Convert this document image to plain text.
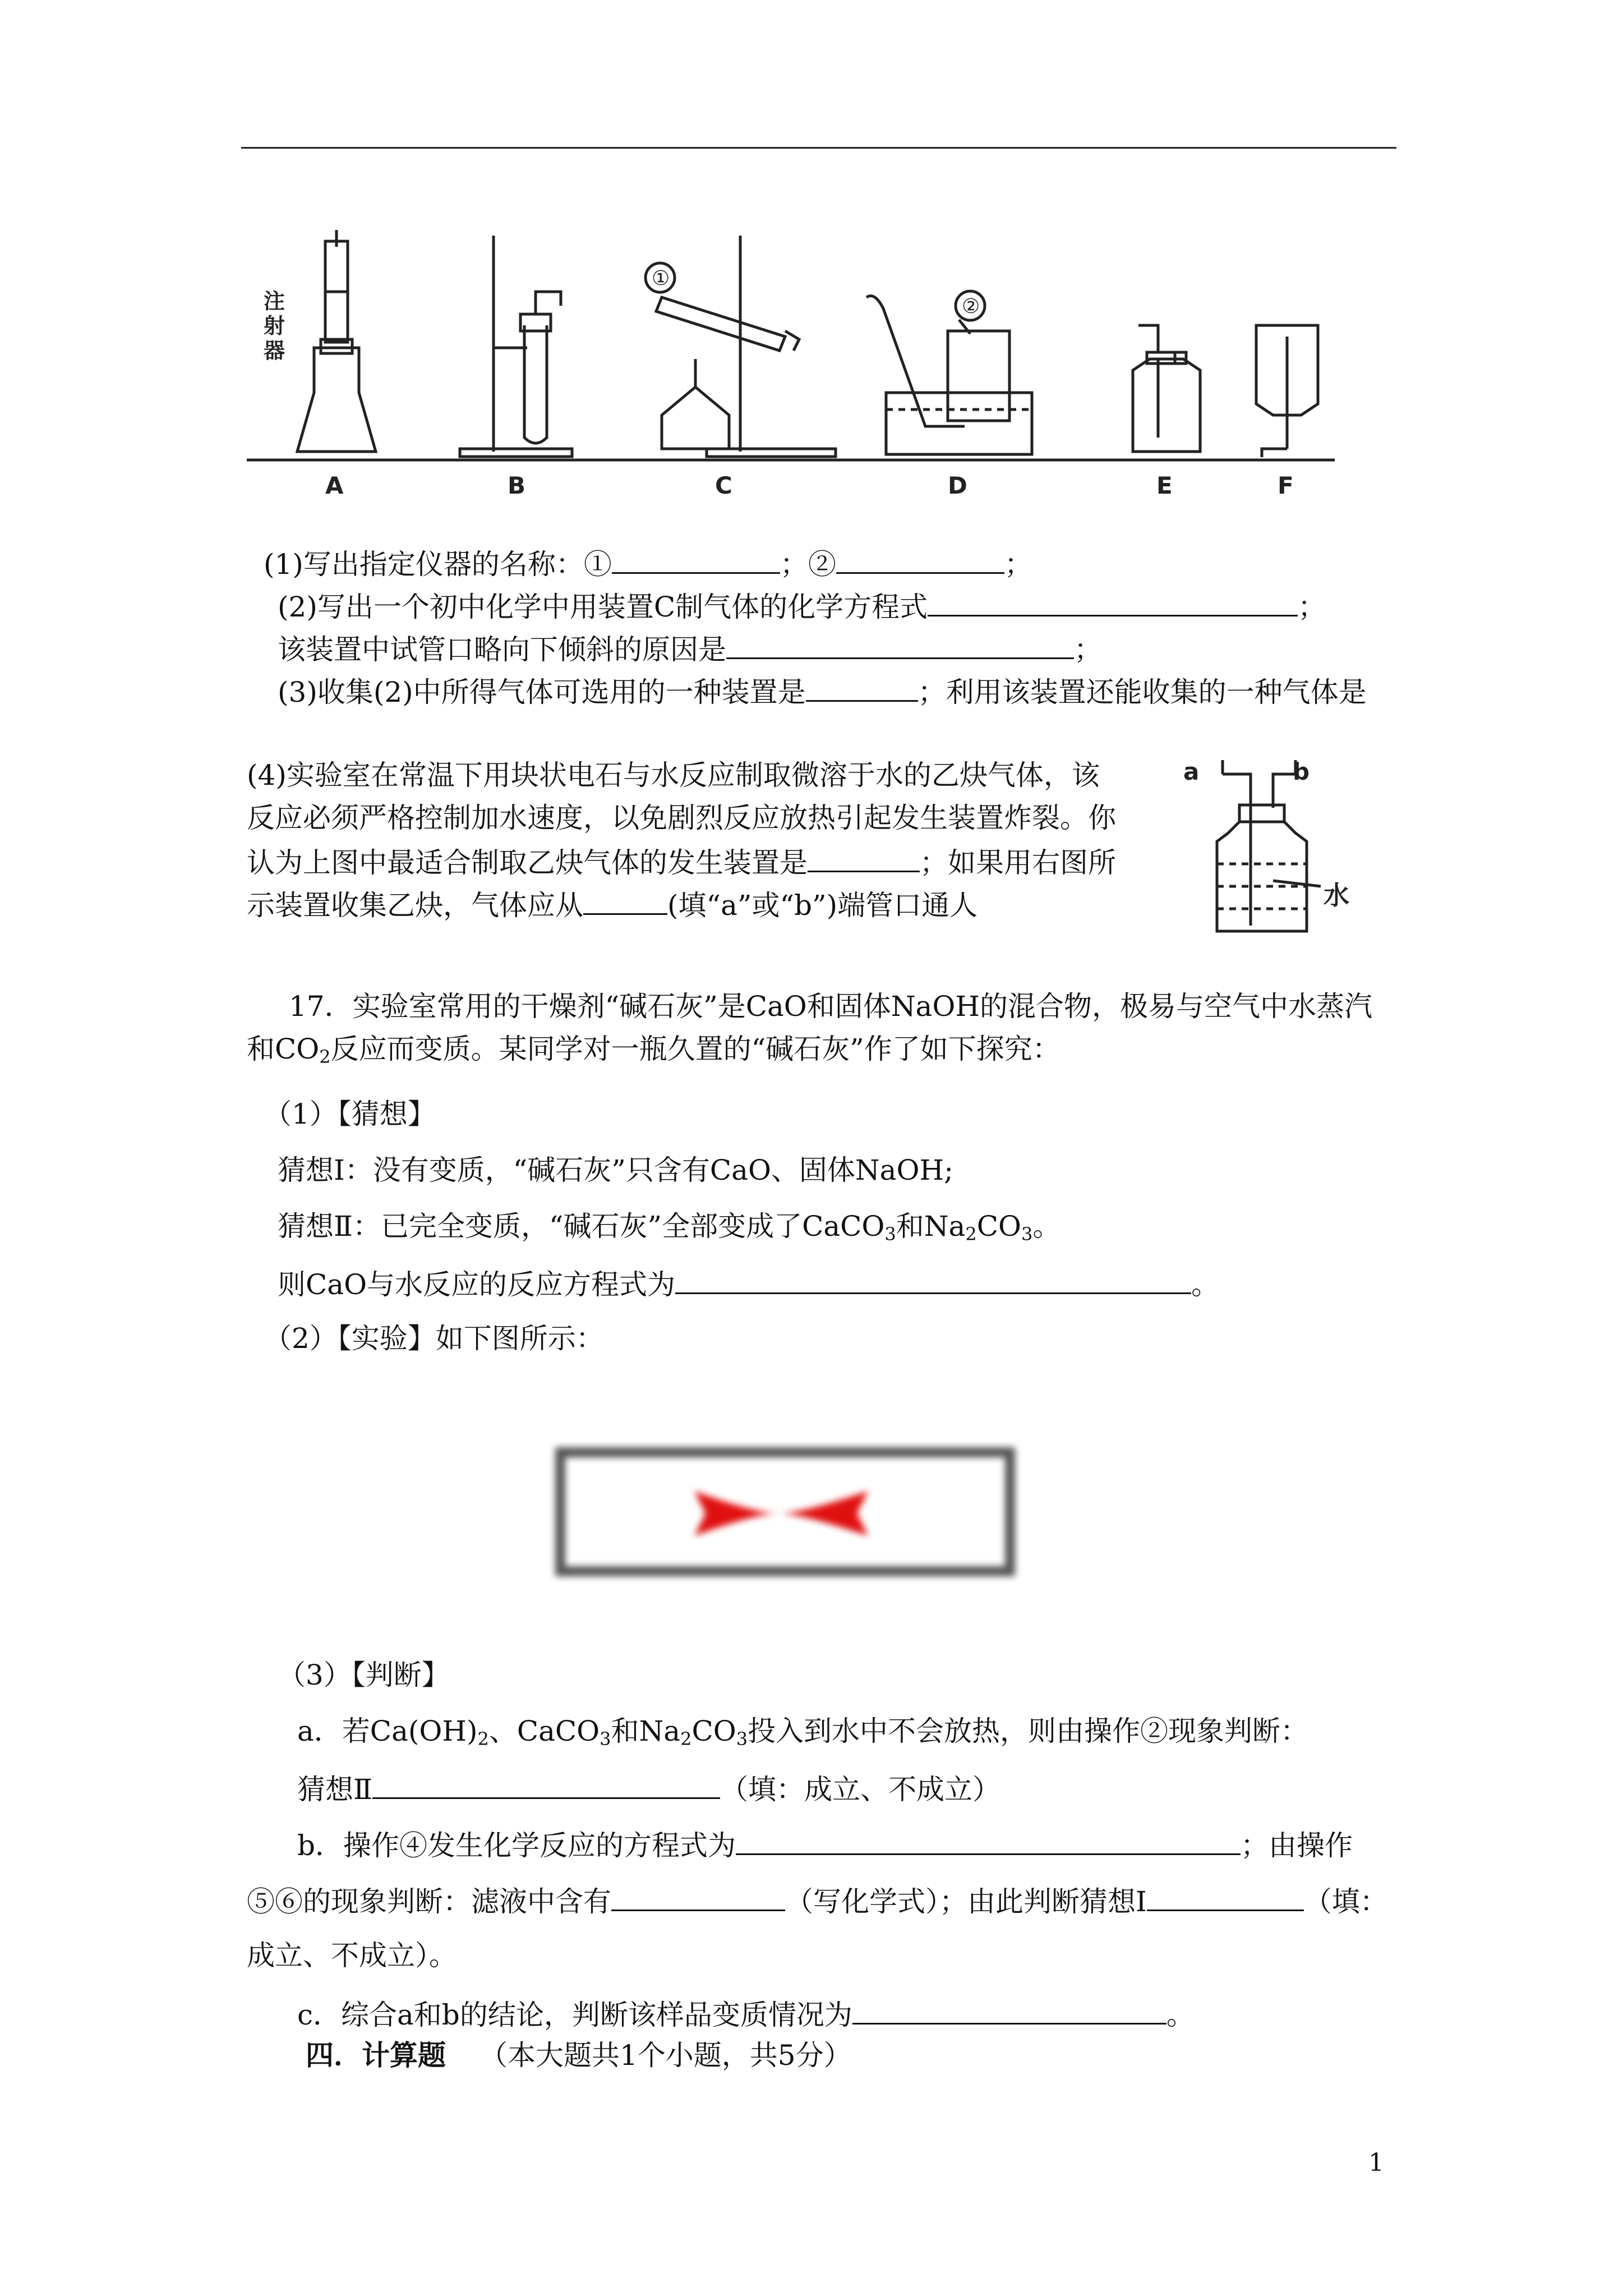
注 射 器
①
②
A	B	C	D	E	F
(1)写出指定仪器的名称：①	；②	；
(2)写出一个初中化学中用装置C制气体的化学方程式	；
该装置中试管口略向下倾斜的原因是	；
(3)收集(2)中所得气体可选用的一种装置是	；利用该装置还能收集的一种气体是
(4)实验室在常温下用块状电石与水反应制取微溶于水的乙炔气体，该
反应必须严格控制加水速度，以免剧烈反应放热引起发生装置炸裂。你
认为上图中最适合制取乙炔气体的发生装置是	；如果用右图所
示装置收集乙炔，气体应从	(填“a”或“b”)端管口通人
a	b
水
17．实验室常用的干燥剂“碱石灰”是CaO和固体NaOH的混合物，极易与空气中水蒸汽
和$CO_2$反应而变质。某同学对一瓶久置的“碱石灰”作了如下探究：
（1）【猜想】
猜想Ⅰ：没有变质，“碱石灰”只含有CaO、固体NaOH;
猜想Ⅱ：已完全变质，“碱石灰”全部变成了CaCO$_3$和$Na_2CO_3$。
则CaO与水反应的反应方程式为	。
（2）【实验】如下图所示：
（3）【判断】
a．若$Ca(OH)_2$、CaCO$_3$和$Na_2CO_3$投入到水中不会放热，则由操作②现象判断：
猜想Ⅱ	（填：成立、不成立）
b．操作④发生化学反应的方程式为	；由操作
⑤⑥的现象判断：滤液中含有	（写化学式）；由此判断猜想Ⅰ	（填：
成立、不成立）。
c．综合a和b的结论，判断该样品变质情况为	。
四．计算题 （本大题共1个小题，共5分）
1
